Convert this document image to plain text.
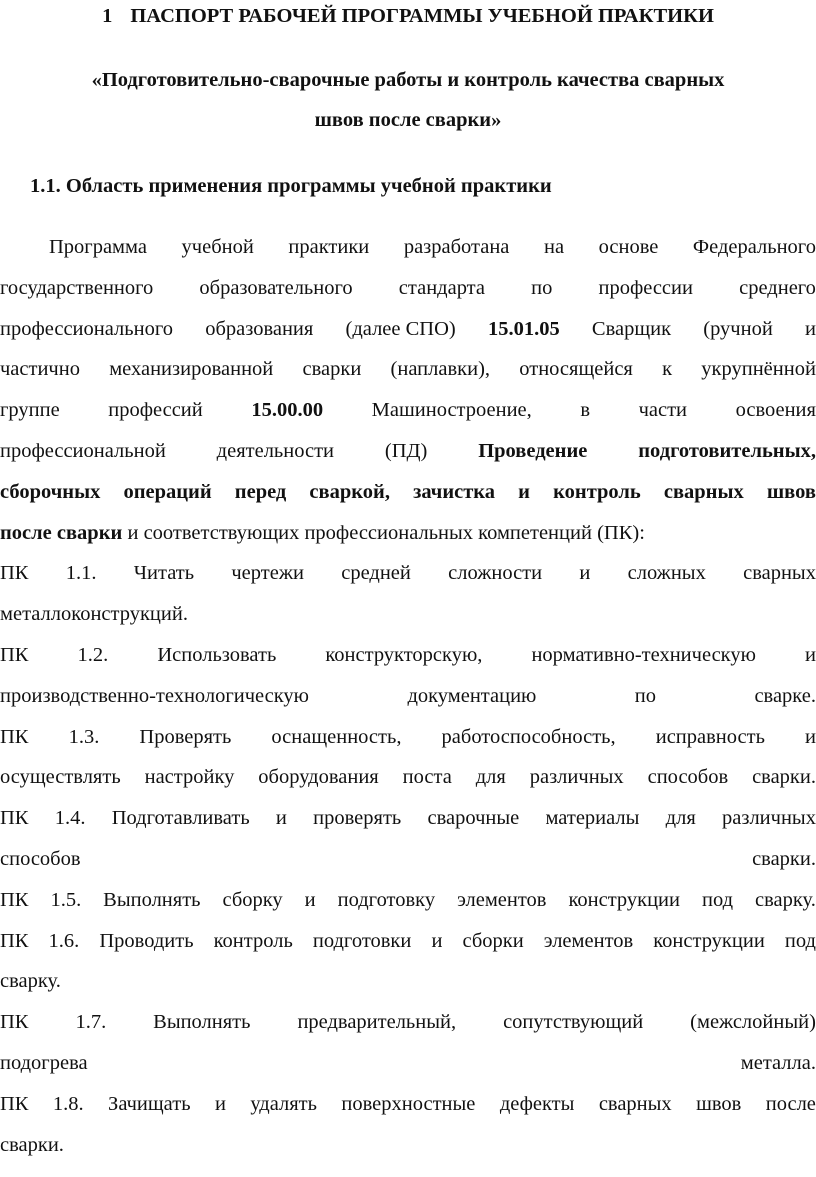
1 ПАСПОРТ РАБОЧЕЙ ПРОГРАММЫ УЧЕБНОЙ ПРАКТИКИ
«Подготовительно-сварочные работы и контроль качества сварных
швов после сварки»
1.1. Область применения программы учебной практики
Программа учебной практики разработана на основе Федерального
государственного образовательного стандарта по профессии среднего
профессионального образования (далее СПО) 15.01.05 Сварщик (ручной и
частично механизированной сварки (наплавки), относящейся к укрупнённой
группе профессий 15.00.00 Машиностроение, в части освоения
профессиональной деятельности (ПД) Проведение подготовительных,
сборочных операций перед сваркой, зачистка и контроль сварных швов
после сварки и соответствующих профессиональных компетенций (ПК):
ПК 1.1. Читать чертежи средней сложности и сложных сварных
металлоконструкций.
ПК 1.2. Использовать конструкторскую, нормативно-техническую и
производственно-технологическую	документацию	по	сварке.
ПК 1.3. Проверять оснащенность, работоспособность, исправность и
осуществлять настройку оборудования поста для различных способов сварки.
ПК 1.4. Подготавливать и проверять сварочные материалы для различных
способов	сварки.
ПК 1.5. Выполнять сборку и подготовку элементов конструкции под сварку.
ПК 1.6. Проводить контроль подготовки и сборки элементов конструкции под
сварку.
ПК 1.7. Выполнять предварительный, сопутствующий (межслойный)
подогрева	металла.
ПК 1.8. Зачищать и удалять поверхностные дефекты сварных швов после
сварки.
